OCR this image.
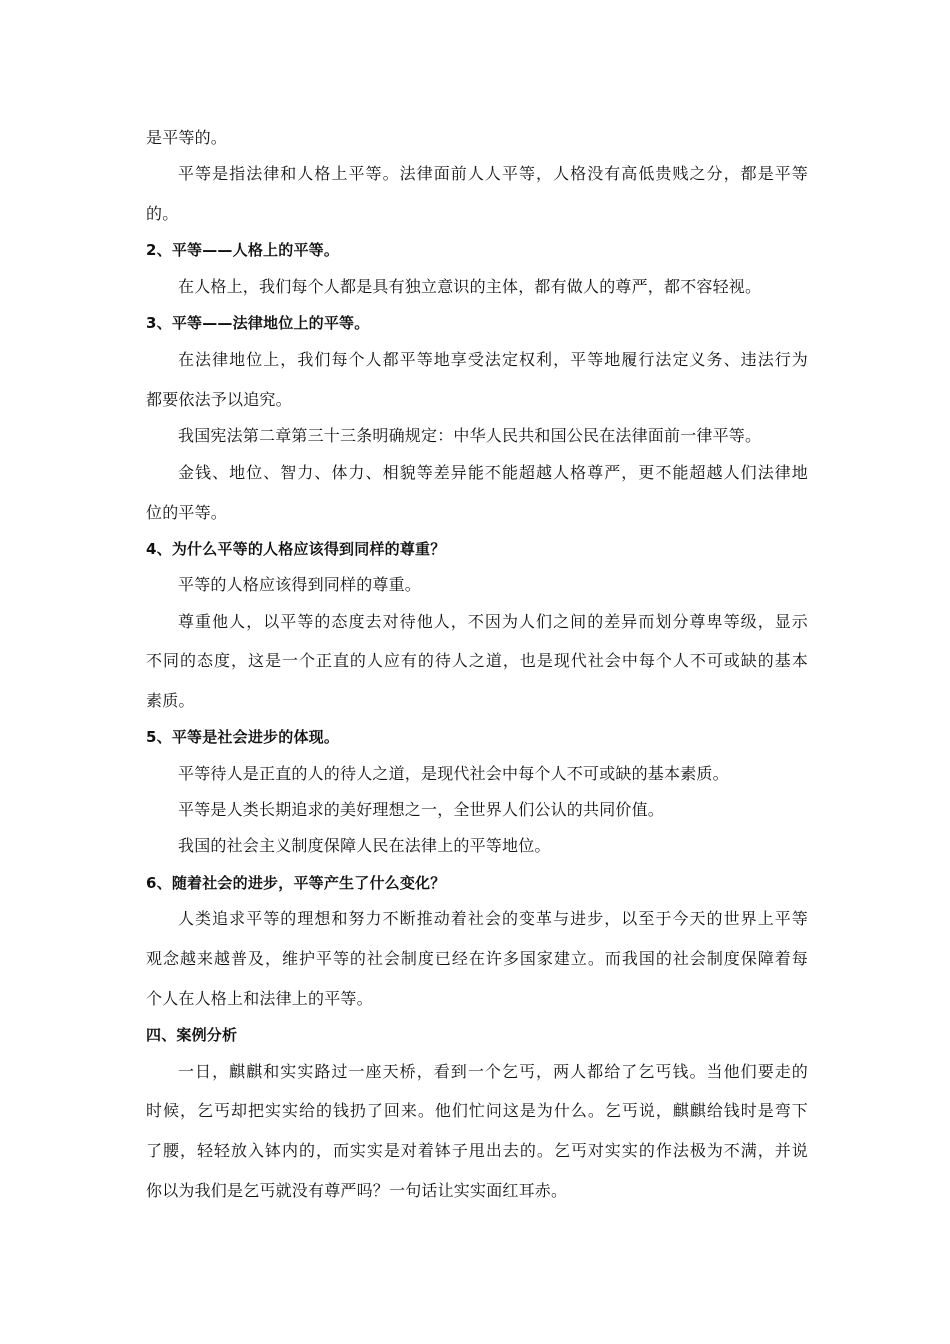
是平等的。
平等是指法律和人格上平等。法律面前人人平等，人格没有高低贵贱之分，都是平等
的。
2、平等——人格上的平等。
在人格上，我们每个人都是具有独立意识的主体，都有做人的尊严，都不容轻视。
3、平等——法律地位上的平等。
在法律地位上，我们每个人都平等地享受法定权利，平等地履行法定义务、违法行为
都要依法予以追究。
我国宪法第二章第三十三条明确规定：中华人民共和国公民在法律面前一律平等。
金钱、地位、智力、体力、相貌等差异能不能超越人格尊严，更不能超越人们法律地
位的平等。
4、为什么平等的人格应该得到同样的尊重？
平等的人格应该得到同样的尊重。
尊重他人，以平等的态度去对待他人，不因为人们之间的差异而划分尊卑等级，显示
不同的态度，这是一个正直的人应有的待人之道，也是现代社会中每个人不可或缺的基本
素质。
5、平等是社会进步的体现。
平等待人是正直的人的待人之道，是现代社会中每个人不可或缺的基本素质。
平等是人类长期追求的美好理想之一，全世界人们公认的共同价值。
我国的社会主义制度保障人民在法律上的平等地位。
6、随着社会的进步，平等产生了什么变化？
人类追求平等的理想和努力不断推动着社会的变革与进步，以至于今天的世界上平等
观念越来越普及，维护平等的社会制度已经在许多国家建立。而我国的社会制度保障着每
个人在人格上和法律上的平等。
四、案例分析
一日，麒麒和实实路过一座天桥，看到一个乞丐，两人都给了乞丐钱。当他们要走的
时候，乞丐却把实实给的钱扔了回来。他们忙问这是为什么。乞丐说，麒麒给钱时是弯下
了腰，轻轻放入钵内的，而实实是对着钵子甩出去的。乞丐对实实的作法极为不满，并说
你以为我们是乞丐就没有尊严吗？一句话让实实面红耳赤。
